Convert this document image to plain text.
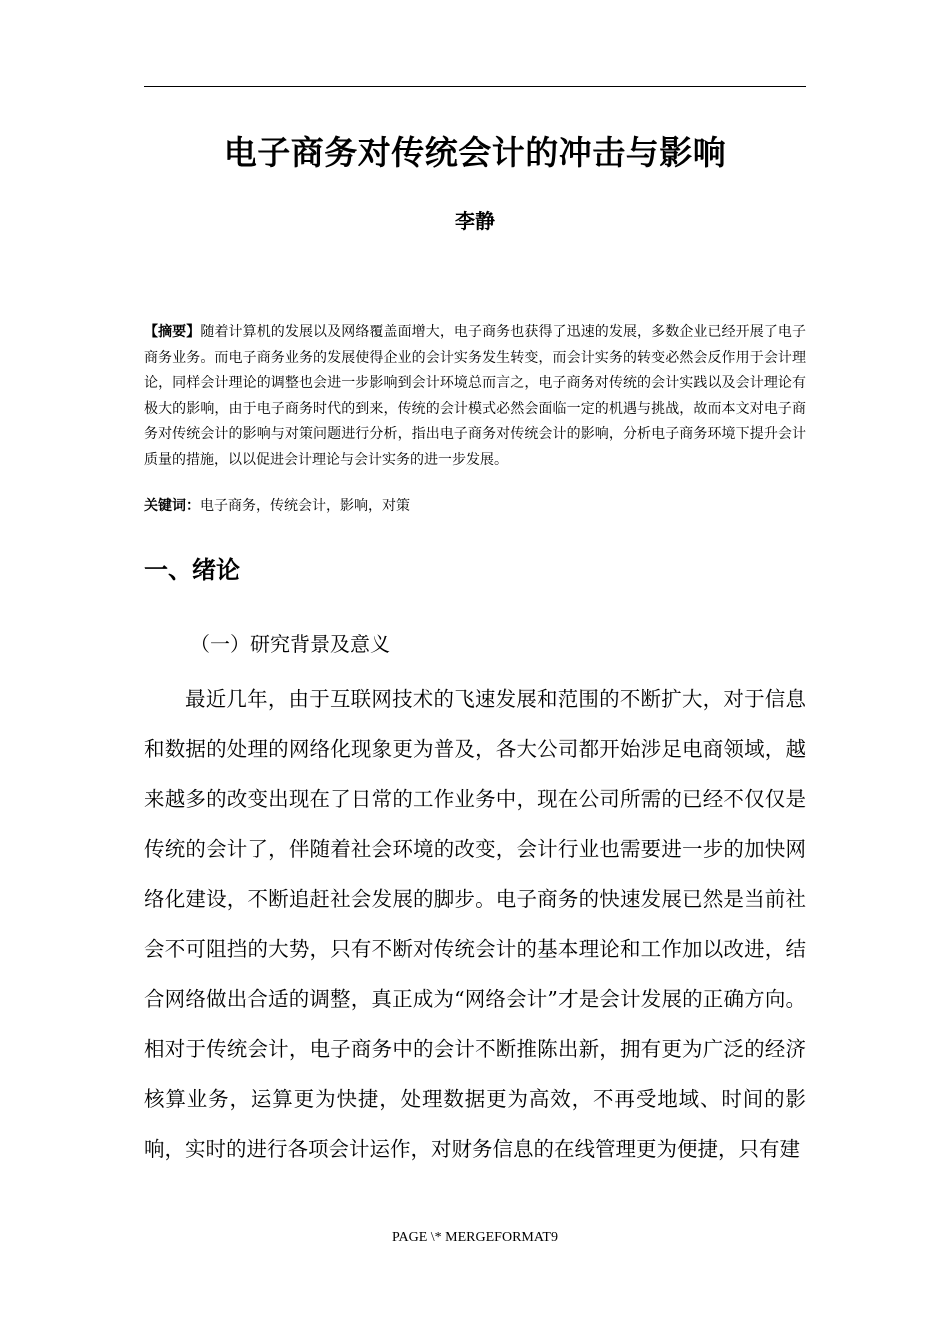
电子商务对传统会计的冲击与影响
李静
【摘要】随着计算机的发展以及网络覆盖面增大，电子商务也获得了迅速的发展，多数企业已经开展了电子商务业务。而电子商务业务的发展使得企业的会计实务发生转变，而会计实务的转变必然会反作用于会计理论，同样会计理论的调整也会进一步影响到会计环境总而言之，电子商务对传统的会计实践以及会计理论有极大的影响，由于电子商务时代的到来，传统的会计模式必然会面临一定的机遇与挑战，故而本文对电子商务对传统会计的影响与对策问题进行分析，指出电子商务对传统会计的影响，分析电子商务环境下提升会计质量的措施，以以促进会计理论与会计实务的进一步发展。
关键词：电子商务，传统会计，影响，对策
一、绪论
（一）研究背景及意义
最近几年，由于互联网技术的飞速发展和范围的不断扩大，对于信息和数据的处理的网络化现象更为普及，各大公司都开始涉足电商领域，越来越多的改变出现在了日常的工作业务中，现在公司所需的已经不仅仅是传统的会计了，伴随着社会环境的改变，会计行业也需要进一步的加快网络化建设，不断追赶社会发展的脚步。电子商务的快速发展已然是当前社会不可阻挡的大势，只有不断对传统会计的基本理论和工作加以改进，结合网络做出合适的调整，真正成为“网络会计”才是会计发展的正确方向。相对于传统会计，电子商务中的会计不断推陈出新，拥有更为广泛的经济核算业务，运算更为快捷，处理数据更为高效，不再受地域、时间的影响，实时的进行各项会计运作，对财务信息的在线管理更为便捷，只有建
PAGE \* MERGEFORMAT9
